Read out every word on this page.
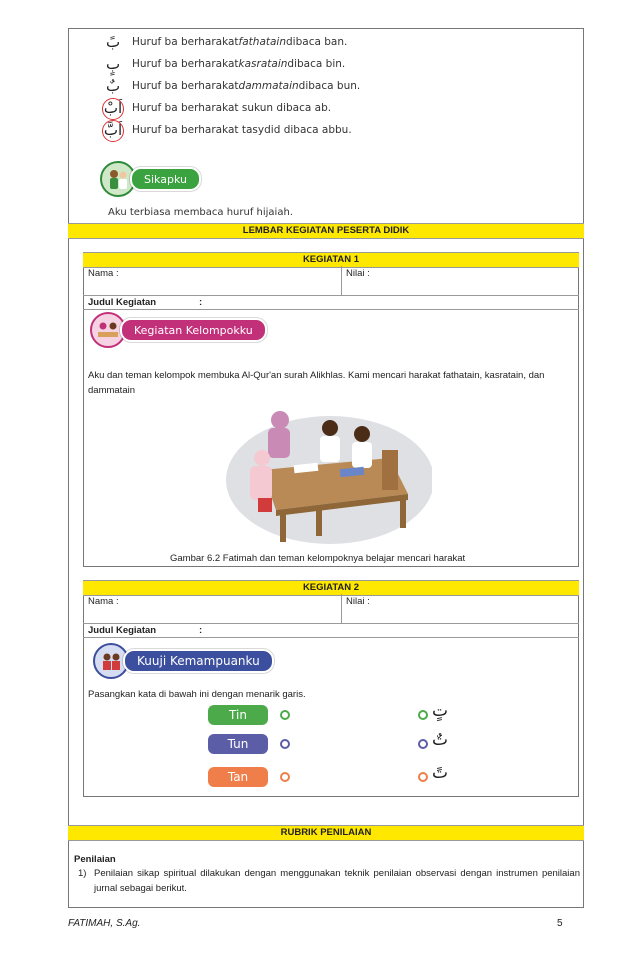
بً	Huruf ba berharakat fathatain dibaca ban.
بٍ	Huruf ba berharakat kasratain dibaca bin.
بٌ	Huruf ba berharakat dammatain dibaca bun.
اَبْ Huruf ba berharakat sukun dibaca ab.
اَبَّ Huruf ba berharakat tasydid dibaca abbu.
Sikapku
Aku terbiasa membaca huruf hijaiah.
LEMBAR KEGIATAN PESERTA DIDIK
KEGIATAN 1
Nama :	Nilai :
Judul Kegiatan	:
Kegiatan Kelompokku
Aku dan teman kelompok membuka Al-Qur'an surah Alikhlas. Kami mencari harakat fathatain, kasratain, dan dammatain
Gambar 6.2 Fatimah dan teman kelompoknya belajar mencari harakat
KEGIATAN 2
Nama :	Nilai :
Judul Kegiatan	:
Kuuji Kemampuanku
Pasangkan kata di bawah ini dengan menarik garis.
Tin	تٍ
Tun	تٌ
Tan	تً
RUBRIK PENILAIAN
Penilaian
1) Penilaian sikap spiritual dilakukan dengan menggunakan teknik penilaian observasi dengan instrumen penilaian jurnal sebagai berikut.
FATIMAH, S.Ag.	5
